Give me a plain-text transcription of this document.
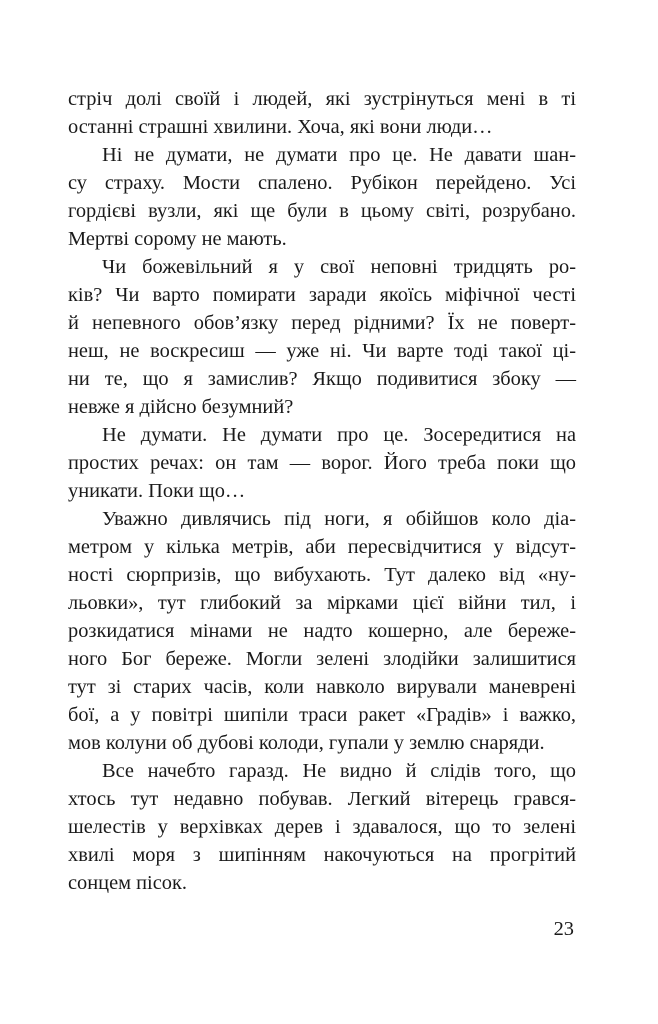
стріч долі своїй і людей, які зустрінуться мені в ті
останні страшні хвилини. Хоча, які вони люди…

Ні не думати, не думати про це. Не давати шан-
су страху. Мости спалено. Рубікон перейдено. Усі
гордієві вузли, які ще були в цьому світі, розрубано.
Мертві сорому не мають.

Чи божевільний я у свої неповні тридцять ро-
ків? Чи варто помирати заради якоїсь міфічної честі
й непевного обов’язку перед рідними? Їх не поверт-
неш, не воскресиш — уже ні. Чи варте тоді такої ці-
ни те, що я замислив? Якщо подивитися збоку —
невже я дійсно безумний?

Не думати. Не думати про це. Зосередитися на
простих речах: он там — ворог. Його треба поки що
уникати. Поки що…

Уважно дивлячись під ноги, я обійшов коло діа-
метром у кілька метрів, аби пересвідчитися у відсут-
ності сюрпризів, що вибухають. Тут далеко від «ну-
льовки», тут глибокий за мірками цієї війни тил, і
розкидатися мінами не надто кошерно, але береже-
ного Бог береже. Могли зелені злодійки залишитися
тут зі старих часів, коли навколо вирували маневрені
бої, а у повітрі шипіли траси ракет «Градів» і важко,
мов колуни об дубові колоди, гупали у землю снаряди.

Все начебто гаразд. Не видно й слідів того, що
хтось тут недавно побував. Легкий вітерець грався-
шелестів у верхівках дерев і здавалося, що то зелені
хвилі моря з шипінням накочуються на прогрітий
сонцем пісок.

23
